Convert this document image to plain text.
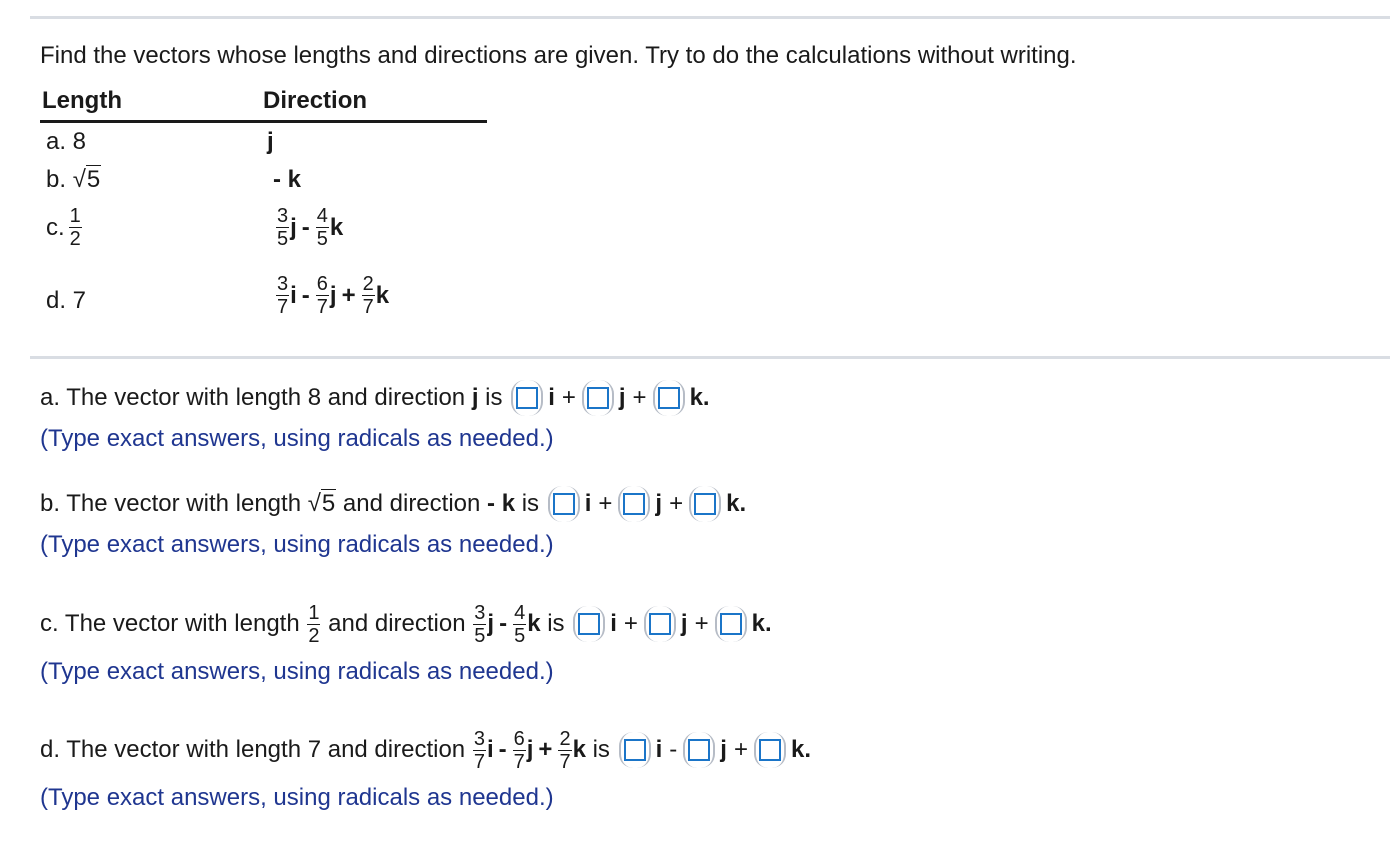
Find the vectors whose lengths and directions are given. Try to do the calculations without writing.
Length	Direction
a. 8	j
b. √5	- k
c. $\frac{1}{2}$	$\frac{3}{5}$ j - $\frac{4}{5}$ k
d. 7	$\frac{3}{7}$ i - $\frac{6}{7}$ $j + \frac{2}{7}$ k
a. The vector with length 8 and direction
j
is
i + j + k.
(Type exact answers, using radicals as needed.)
b. The vector with length
√5
and direction
- k
is
i + j + k.
(Type exact answers, using radicals as needed.)
c. The vector with length
$\frac{1}{2}$
and direction
$\frac{3}{5}$ j - $\frac{4}{5}$ k
is
i + j + k.
(Type exact answers, using radicals as needed.)
d. The vector with length 7 and direction
$\frac{3}{7}$ i - $\frac{6}{7}$ $j + \frac{2}{7}$ k
is
i - j + k.
(Type exact answers, using radicals as needed.)
